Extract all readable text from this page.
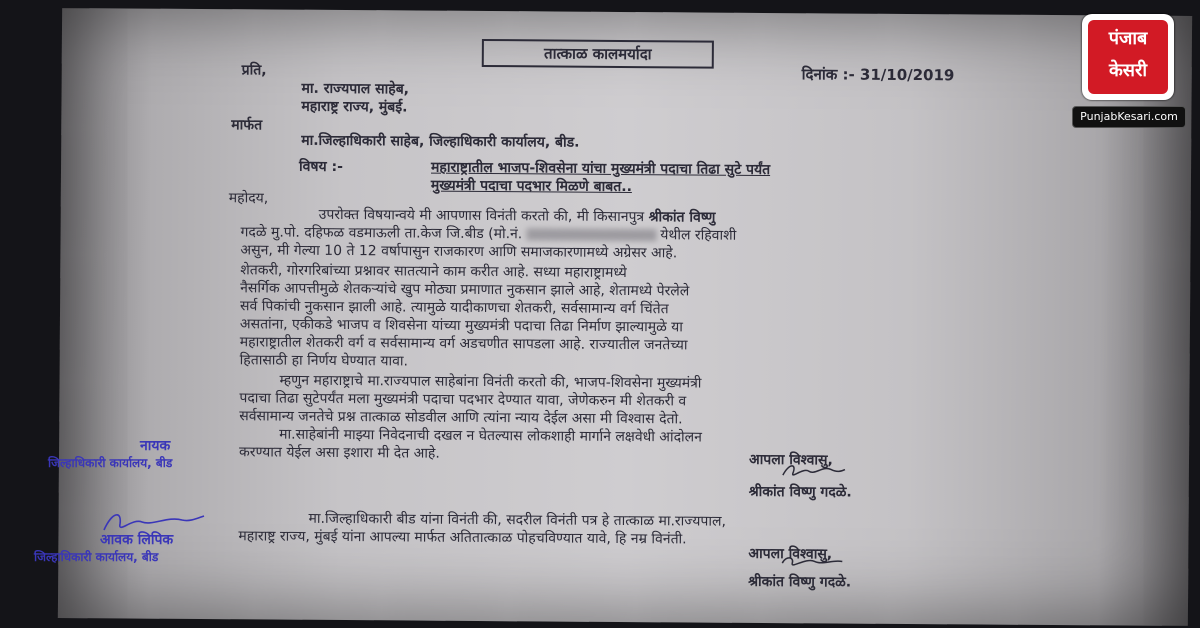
तात्काळ कालमर्यादा
प्रति,	दिनांक :- 31/10/2019
मा. राज्यपाल साहेब,
महाराष्ट्र राज्य, मुंबई.
मार्फत
मा.जिल्हाधिकारी साहेब, जिल्हाधिकारी कार्यालय, बीड.
विषय :-	महाराष्ट्रातील भाजप-शिवसेना यांचा मुख्यमंत्री पदाचा तिढा सुटे पर्यंत
मुख्यमंत्री पदाचा पदभार मिळणे बाबत..
महोदय,
उपरोक्त विषयान्वये मी आपणास विनंती करतो की, मी किसानपुत्र श्रीकांत विष्णु
गदळे मु.पो. दहिफळ वडमाऊली ता.केज जि.बीड (मो.नं.	येथील रहिवाशी
असुन, मी गेल्या 10 ते 12 वर्षापासुन राजकारण आणि समाजकारणामध्ये अग्रेसर आहे.
शेतकरी, गोरगरिबांच्या प्रश्नावर सातत्याने काम करीत आहे. सध्या महाराष्ट्रामध्ये
नैसर्गिक आपत्तीमुळे शेतकऱ्यांचे खुप मोठ्या प्रमाणात नुकसान झाले आहे, शेतामध्ये पेरलेले
सर्व पिकांची नुकसान झाली आहे. त्यामुळे यादीकाणचा शेतकरी, सर्वसामान्य वर्ग चिंतेत
असतांना, एकीकडे भाजप व शिवसेना यांच्या मुख्यमंत्री पदाचा तिढा निर्माण झाल्यामुळे या
महाराष्ट्रातील शेतकरी वर्ग व सर्वसामान्य वर्ग अडचणीत सापडला आहे. राज्यातील जनतेच्या
हितासाठी हा निर्णय घेण्यात यावा.
म्हणुन महाराष्ट्राचे मा.राज्यपाल साहेबांना विनंती करतो की, भाजप-शिवसेना मुख्यमंत्री
पदाचा तिढा सुटेपर्यंत मला मुख्यमंत्री पदाचा पदभार देण्यात यावा, जेणेकरुन मी शेतकरी व
सर्वसामान्य जनतेचे प्रश्न तात्काळ सोडवील आणि त्यांना न्याय देईल असा मी विश्वास देतो.
मा.साहेबांनी माझ्या निवेदनाची दखल न घेतल्यास लोकशाही मार्गाने लक्षवेधी आंदोलन
करण्यात येईल असा इशारा मी देत आहे.	आपला विश्वासु,
श्रीकांत विष्णु गदळे.
मा.जिल्हाधिकारी बीड यांना विनंती की, सदरील विनंती पत्र हे तात्काळ मा.राज्यपाल,
महाराष्ट्र राज्य, मुंबई यांना आपल्या मार्फत अतितात्काळ पोहचविण्यात यावे, हि नम्र विनंती.
आपला विश्वासु,
श्रीकांत विष्णु गदळे.
नायक
जिल्हाधिकारी कार्यालय, बीड
आवक लिपिक
जिल्हाधिकारी कार्यालय, बीड
पंजाब
केसरी
PunjabKesari.com
